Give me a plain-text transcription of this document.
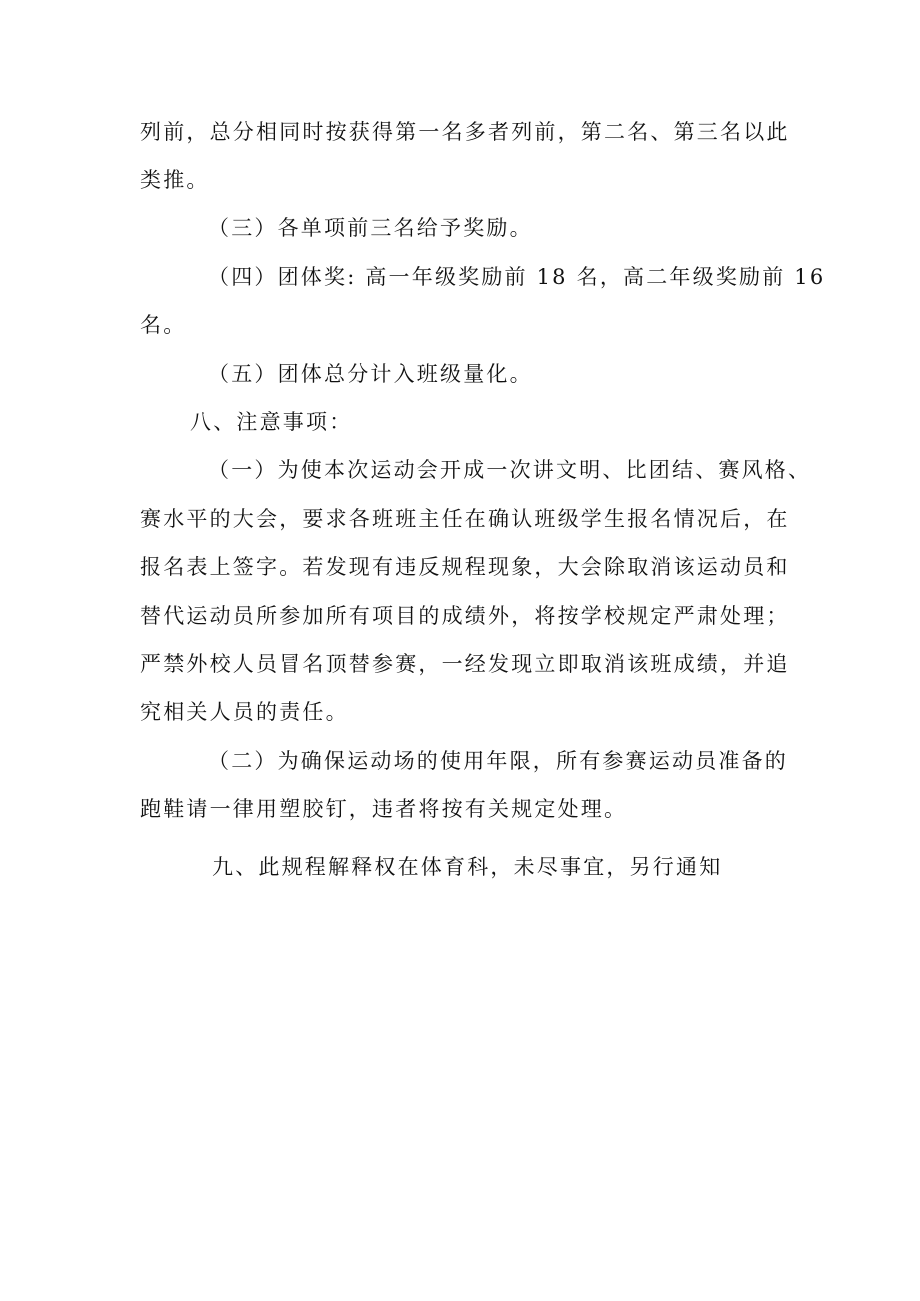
列前，总分相同时按获得第一名多者列前，第二名、第三名以此
类推。
（三）各单项前三名给予奖励。
（四）团体奖: 高一年级奖励前 18 名，高二年级奖励前 16
名。
（五）团体总分计入班级量化。
八、注意事项：
（一）为使本次运动会开成一次讲文明、比团结、赛风格、
赛水平的大会，要求各班班主任在确认班级学生报名情况后，在
报名表上签字。若发现有违反规程现象，大会除取消该运动员和
替代运动员所参加所有项目的成绩外，将按学校规定严肃处理；
严禁外校人员冒名顶替参赛，一经发现立即取消该班成绩，并追
究相关人员的责任。
（二）为确保运动场的使用年限，所有参赛运动员准备的
跑鞋请一律用塑胶钉，违者将按有关规定处理。
九、此规程解释权在体育科，未尽事宜，另行通知
